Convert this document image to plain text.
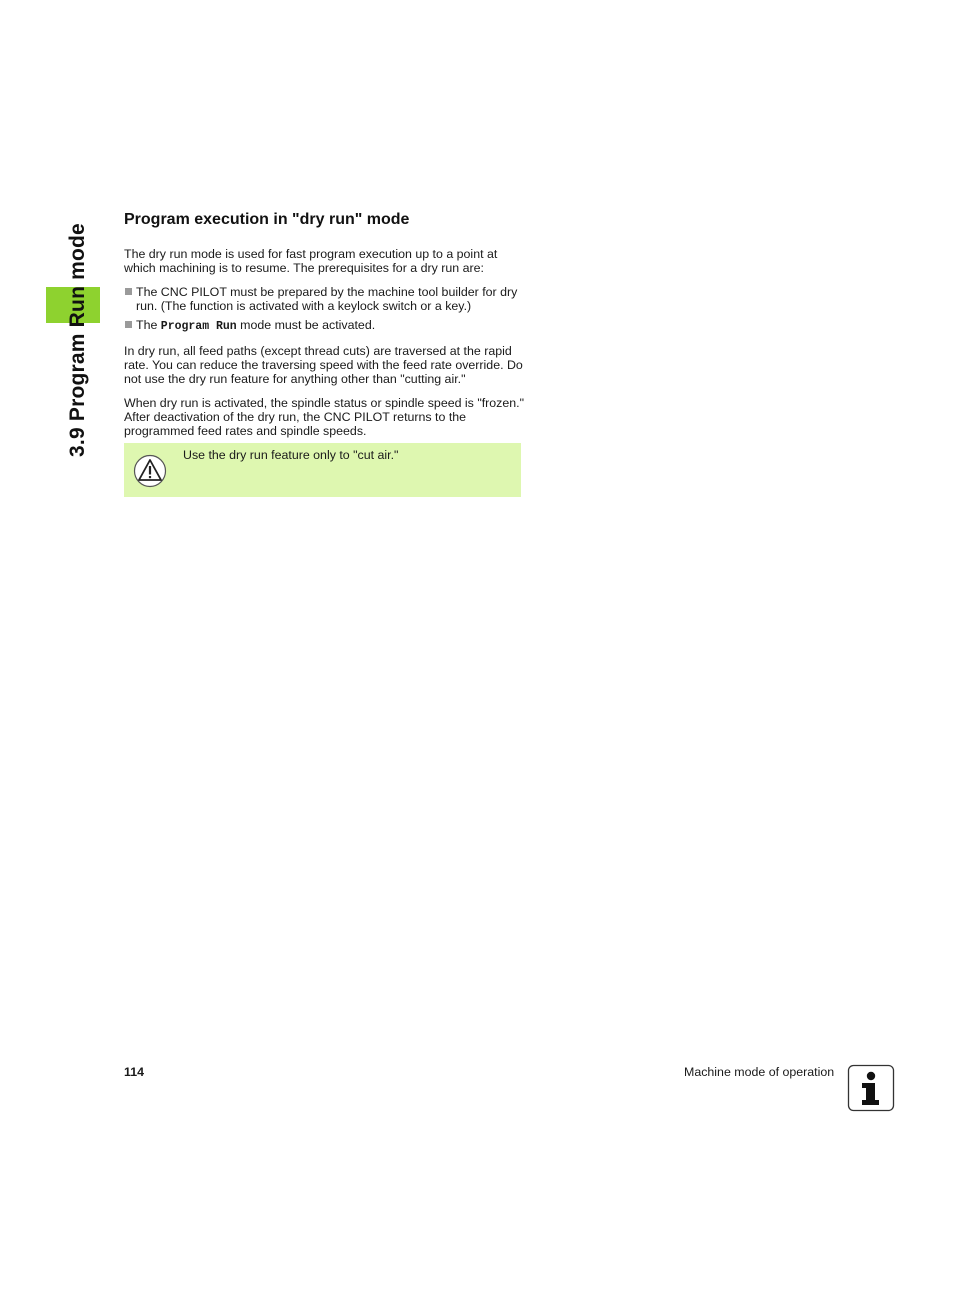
3.9 Program Run mode
Program execution in "dry run" mode

The dry run mode is used for fast program execution up to a point at which machining is to resume. The prerequisites for a dry run are:

The CNC PILOT must be prepared by the machine tool builder for dry run. (The function is activated with a keylock switch or a key.)
The Program Run mode must be activated.

In dry run, all feed paths (except thread cuts) are traversed at the rapid rate. You can reduce the traversing speed with the feed rate override. Do not use the dry run feature for anything other than "cutting air."

When dry run is activated, the spindle status or spindle speed is "frozen." After deactivation of the dry run, the CNC PILOT returns to the programmed feed rates and spindle speeds.

Use the dry run feature only to "cut air."
114	Machine mode of operation
